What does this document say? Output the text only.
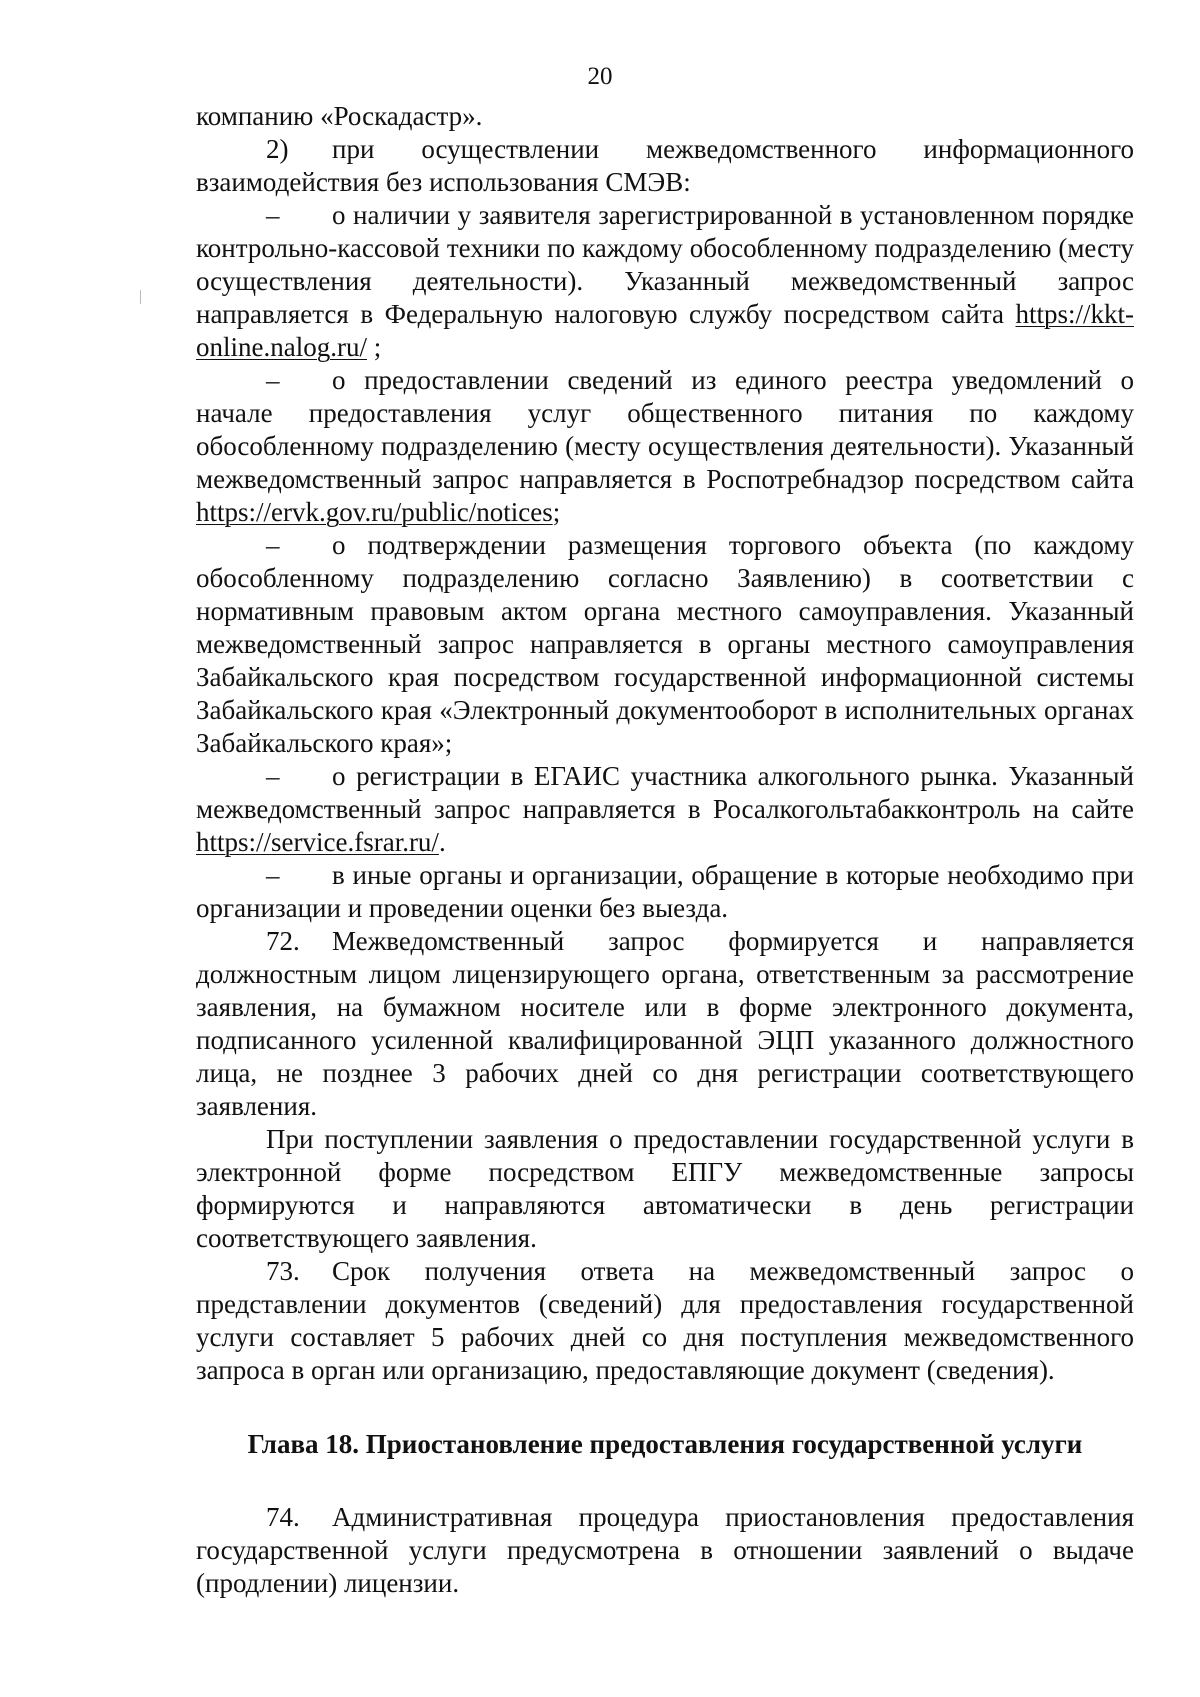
20

компанию «Роскадастр».

2) при осуществлении межведомственного информационного взаимодействия без использования СМЭВ:

– о наличии у заявителя зарегистрированной в установленном порядке контрольно-кассовой техники по каждому обособленному подразделению (месту осуществления деятельности). Указанный межведомственный запрос направляется в Федеральную налоговую службу посредством сайта https://kkt-online.nalog.ru/ ;

– о предоставлении сведений из единого реестра уведомлений о начале предоставления услуг общественного питания по каждому обособленному подразделению (месту осуществления деятельности). Указанный межведомственный запрос направляется в Роспотребнадзор посредством сайта https://ervk.gov.ru/public/notices;

– о подтверждении размещения торгового объекта (по каждому обособленному подразделению согласно Заявлению) в соответствии с нормативным правовым актом органа местного самоуправления. Указанный межведомственный запрос направляется в органы местного самоуправления Забайкальского края посредством государственной информационной системы Забайкальского края «Электронный документооборот в исполнительных органах Забайкальского края»;

– о регистрации в ЕГАИС участника алкогольного рынка. Указанный межведомственный запрос направляется в Росалкогольтабакконтроль на сайте https://service.fsrar.ru/.

– в иные органы и организации, обращение в которые необходимо при организации и проведении оценки без выезда.

72. Межведомственный запрос формируется и направляется должностным лицом лицензирующего органа, ответственным за рассмотрение заявления, на бумажном носителе или в форме электронного документа, подписанного усиленной квалифицированной ЭЦП указанного должностного лица, не позднее 3 рабочих дней со дня регистрации соответствующего заявления.

При поступлении заявления о предоставлении государственной услуги в электронной форме посредством ЕПГУ межведомственные запросы формируются и направляются автоматически в день регистрации соответствующего заявления.

73. Срок получения ответа на межведомственный запрос о представлении документов (сведений) для предоставления государственной услуги составляет 5 рабочих дней со дня поступления межведомственного запроса в орган или организацию, предоставляющие документ (сведения).

Глава 18. Приостановление предоставления государственной услуги

74. Административная процедура приостановления предоставления государственной услуги предусмотрена в отношении заявлений о выдаче (продлении) лицензии.
